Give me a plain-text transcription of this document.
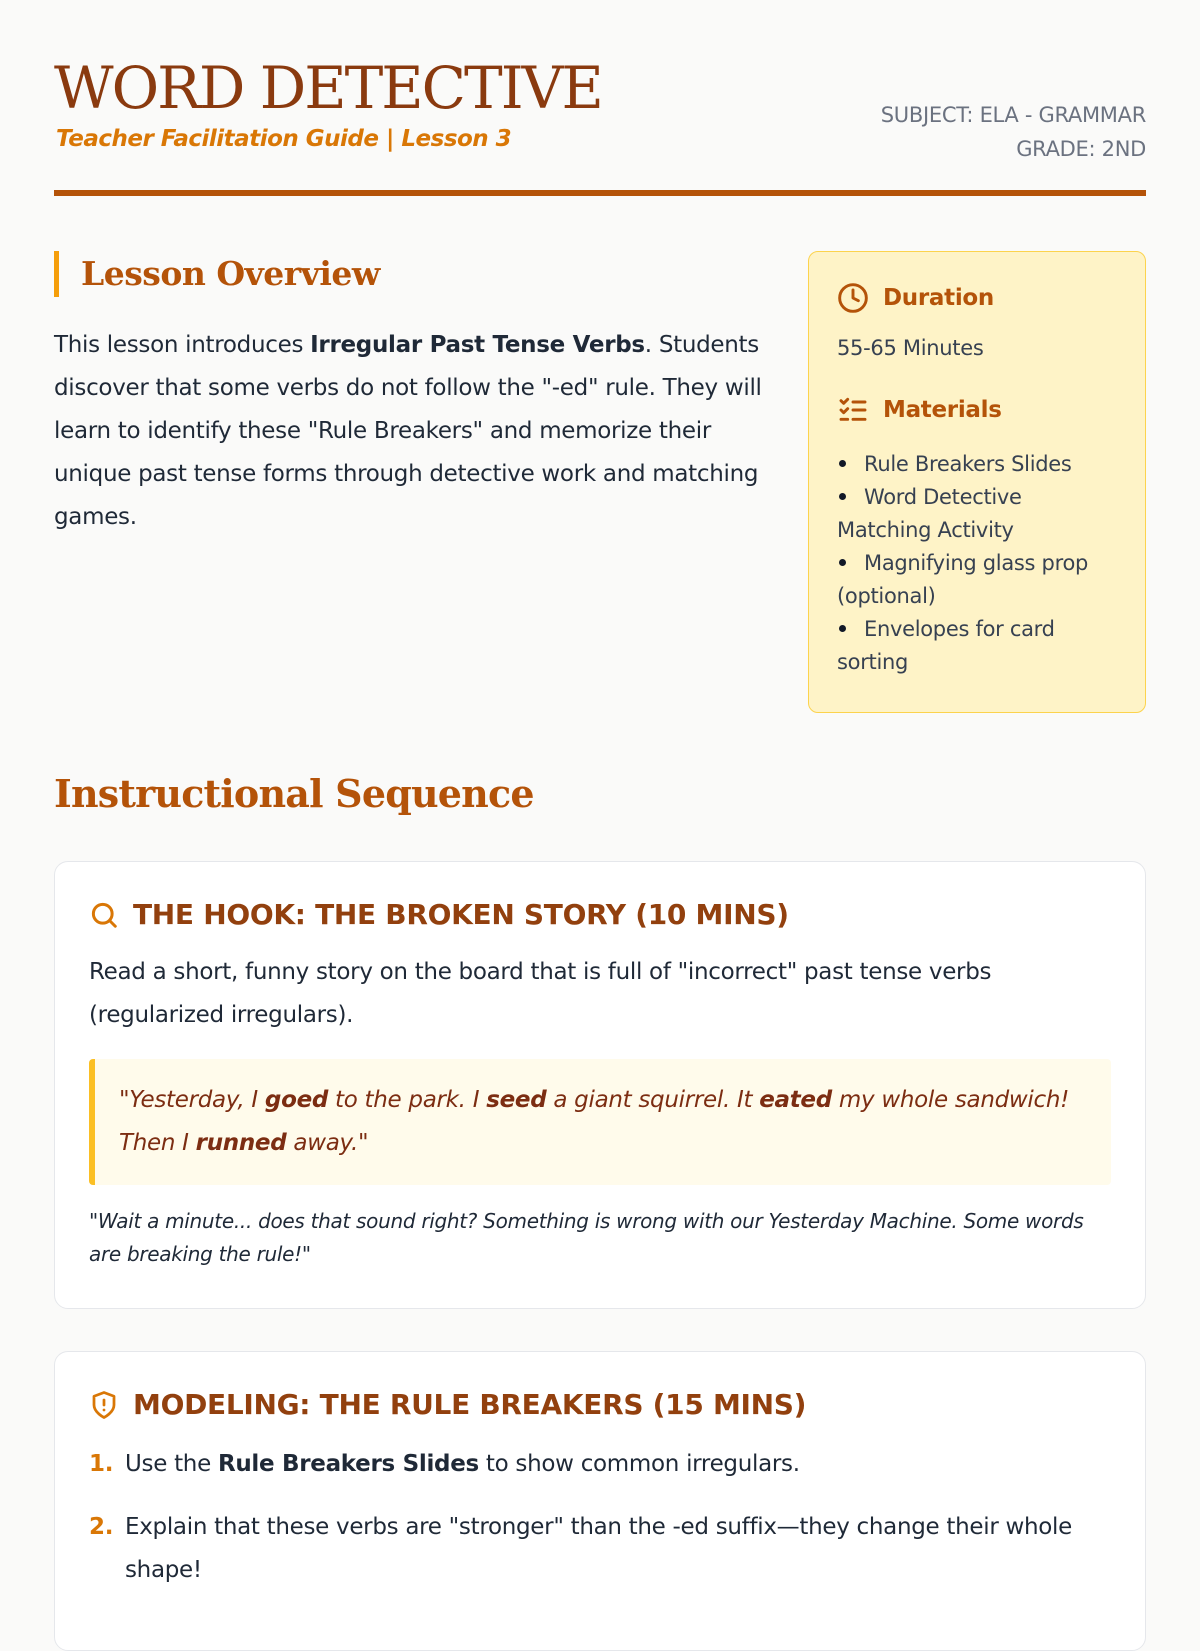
WORD DETECTIVE
Teacher Facilitation Guide | Lesson 3
SUBJECT: ELA - GRAMMAR
GRADE: 2ND
Lesson Overview

This lesson introduces Irregular Past Tense Verbs. Students discover that some verbs do not follow the "-ed" rule. They will learn to identify these "Rule Breakers" and memorize their unique past tense forms through detective work and matching games.

Duration
55-65 Minutes
Materials
Rule Breakers Slides
Word Detective Matching Activity
Magnifying glass prop (optional)
Envelopes for card sorting
Instructional Sequence
THE HOOK: THE BROKEN STORY (10 MINS)

Read a short, funny story on the board that is full of "incorrect" past tense verbs (regularized irregulars).

"Yesterday, I goed to the park. I seed a giant squirrel. It eated my whole sandwich! Then I runned away."

"Wait a minute... does that sound right? Something is wrong with our Yesterday Machine. Some words are breaking the rule!"

MODELING: THE RULE BREAKERS (15 MINS)
1. Use the Rule Breakers Slides to show common irregulars.
2. Explain that these verbs are "stronger" than the -ed suffix—they change their whole shape!
